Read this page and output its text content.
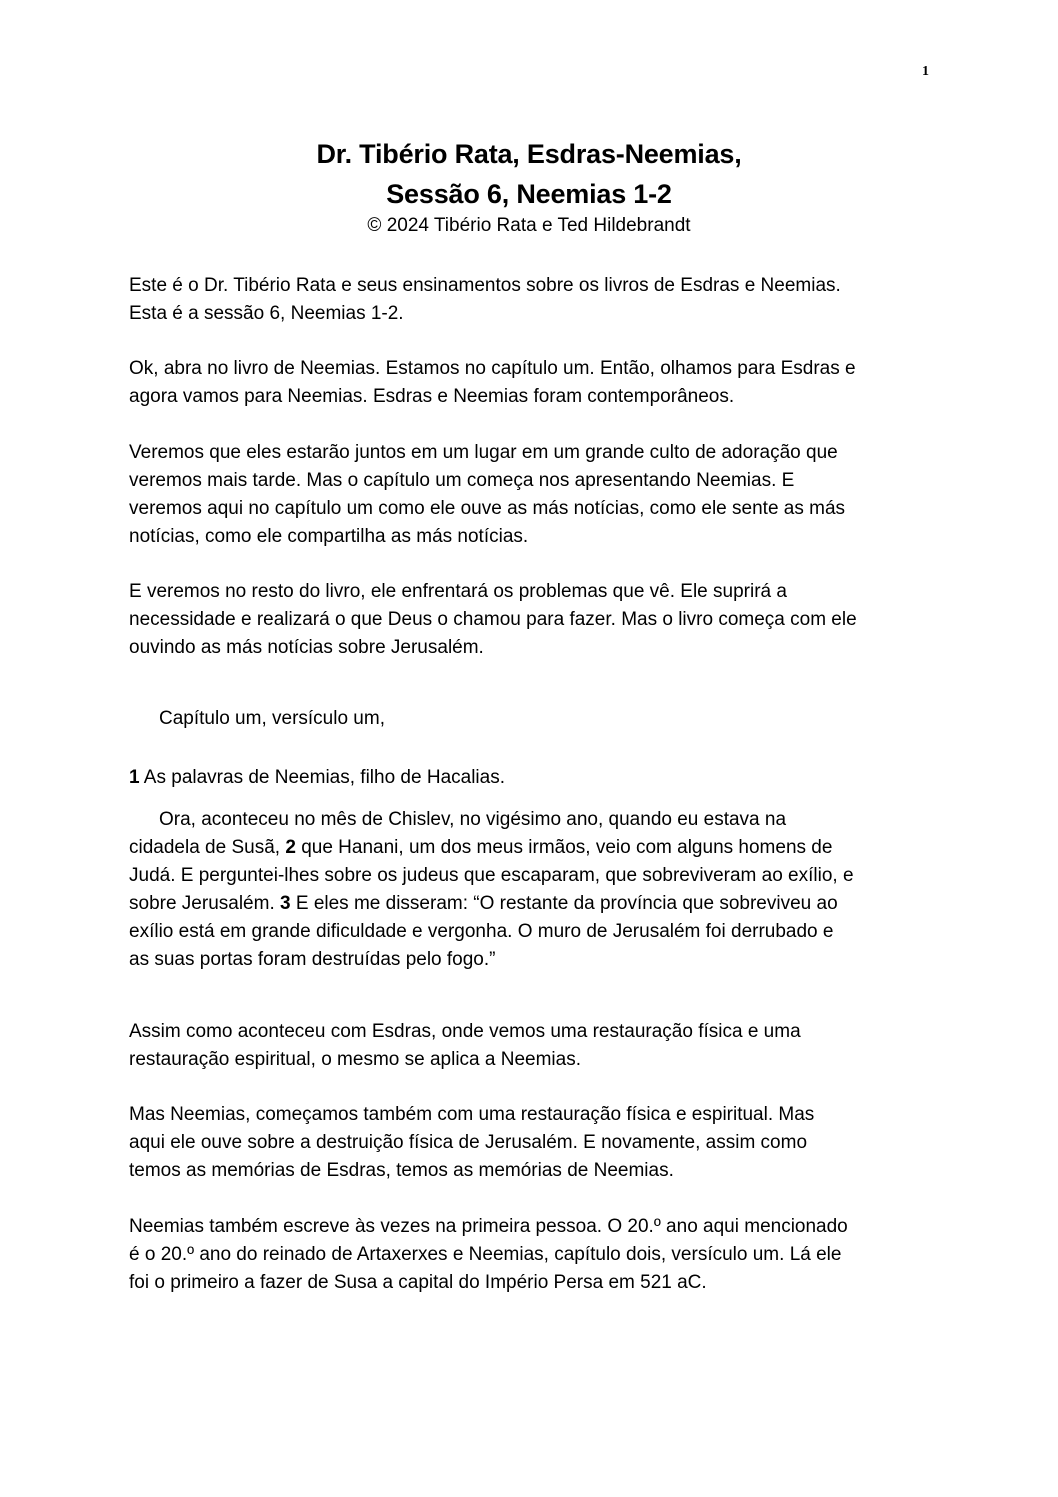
1
Dr. Tibério Rata, Esdras-Neemias,
Sessão 6, Neemias 1-2
© 2024 Tibério Rata e Ted Hildebrandt

Este é o Dr. Tibério Rata e seus ensinamentos sobre os livros de Esdras e Neemias.

Esta é a sessão 6, Neemias 1-2.

Ok, abra no livro de Neemias. Estamos no capítulo um. Então, olhamos para Esdras e

agora vamos para Neemias. Esdras e Neemias foram contemporâneos.

Veremos que eles estarão juntos em um lugar em um grande culto de adoração que

veremos mais tarde. Mas o capítulo um começa nos apresentando Neemias. E

veremos aqui no capítulo um como ele ouve as más notícias, como ele sente as más

notícias, como ele compartilha as más notícias.

E veremos no resto do livro, ele enfrentará os problemas que vê. Ele suprirá a

necessidade e realizará o que Deus o chamou para fazer. Mas o livro começa com ele

ouvindo as más notícias sobre Jerusalém.

Capítulo um, versículo um,

1 As palavras de Neemias, filho de Hacalias.

Ora, aconteceu no mês de Chislev, no vigésimo ano, quando eu estava na

cidadela de Susã, 2 que Hanani, um dos meus irmãos, veio com alguns homens de

Judá. E perguntei-lhes sobre os judeus que escaparam, que sobreviveram ao exílio, e

sobre Jerusalém. 3 E eles me disseram: “O restante da província que sobreviveu ao

exílio está em grande dificuldade e vergonha. O muro de Jerusalém foi derrubado e

as suas portas foram destruídas pelo fogo.”

Assim como aconteceu com Esdras, onde vemos uma restauração física e uma

restauração espiritual, o mesmo se aplica a Neemias.

Mas Neemias, começamos também com uma restauração física e espiritual. Mas

aqui ele ouve sobre a destruição física de Jerusalém. E novamente, assim como

temos as memórias de Esdras, temos as memórias de Neemias.

Neemias também escreve às vezes na primeira pessoa. O 20.º ano aqui mencionado

é o 20.º ano do reinado de Artaxerxes e Neemias, capítulo dois, versículo um. Lá ele

foi o primeiro a fazer de Susa a capital do Império Persa em 521 aC.
